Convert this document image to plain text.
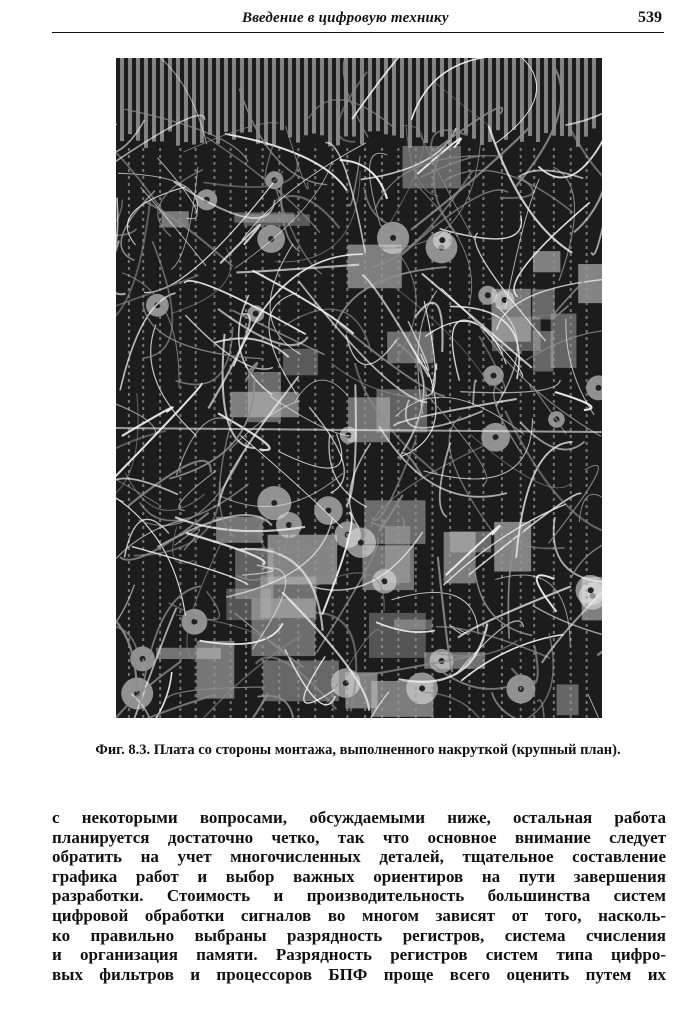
Введение в цифровую технику	539
Фиг. 8.3. Плата со стороны монтажа, выполненного накруткой (крупный план).
с некоторыми вопросами, обсуждаемыми ниже, остальная работа
планируется достаточно четко, так что основное внимание следует
обратить на учет многочисленных деталей, тщательное составление
графика работ и выбор важных ориентиров на пути завершения
разработки. Стоимость и производительность большинства систем
цифровой обработки сигналов во многом зависят от того, насколь-
ко правильно выбраны разрядность регистров, система счисления
и организация памяти. Разрядность регистров систем типа цифро-
вых фильтров и процессоров БПФ проще всего оценить путем их
